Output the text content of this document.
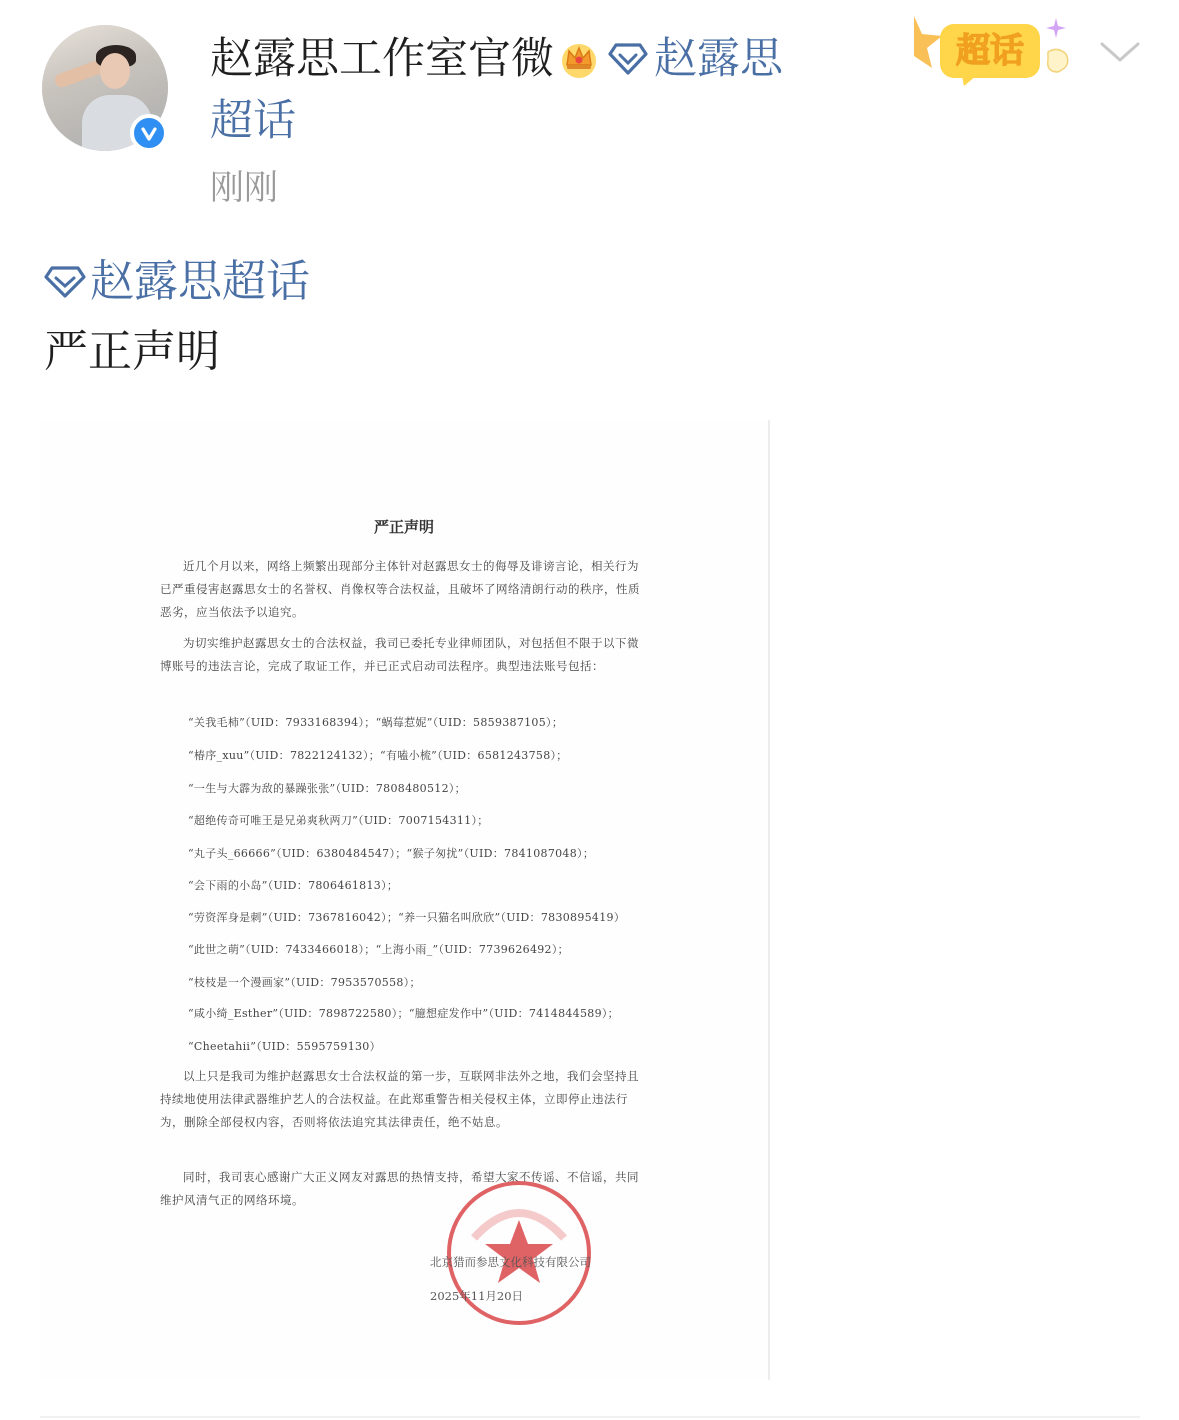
赵露思工作室官微 赵露思超话
刚刚
超话
赵露思超话
严正声明
严正声明
近几个月以来，网络上频繁出现部分主体针对赵露思女士的侮辱及诽谤言论，相关行为已严重侵害赵露思女士的名誉权、肖像权等合法权益，且破坏了网络清朗行动的秩序，性质恶劣，应当依法予以追究。
为切实维护赵露思女士的合法权益，我司已委托专业律师团队，对包括但不限于以下微博账号的违法言论，完成了取证工作，并已正式启动司法程序。典型违法账号包括：
“关我毛柿”（UID：7933168394）；“蜗莓惹妮”（UID：5859387105）；
“椿序_xuu”（UID：7822124132）；“有嗑小梳”（UID：6581243758）；
“一生与大霹为敌的暴躁张张”（UID：7808480512）；
“超绝传奇可唯王是兄弟爽秋两刀”（UID：7007154311）；
“丸子头_66666”（UID：6380484547）；“猴子匆扰”（UID：7841087048）；
“会下雨的小岛”（UID：7806461813）；
“劳资浑身是刺”（UID：7367816042）；“养一只猫名叫欣欣”（UID：7830895419）
“此世之萌”（UID：7433466018）；“上海小雨_”（UID：7739626492）；
“枝枝是一个漫画家”（UID：7953570558）；
“咸小绮_Esther”（UID：7898722580）；“臆想症发作中”（UID：7414844589）；
“Cheetahii”（UID：5595759130）
以上只是我司为维护赵露思女士合法权益的第一步，互联网非法外之地，我们会坚持且持续地使用法律武器维护艺人的合法权益。在此郑重警告相关侵权主体，立即停止违法行为，删除全部侵权内容，否则将依法追究其法律责任，绝不姑息。
同时，我司衷心感谢广大正义网友对露思的热情支持，希望大家不传谣、不信谣，共同维护风清气正的网络环境。
北京猎而参思文化科技有限公司
2025年11月20日
